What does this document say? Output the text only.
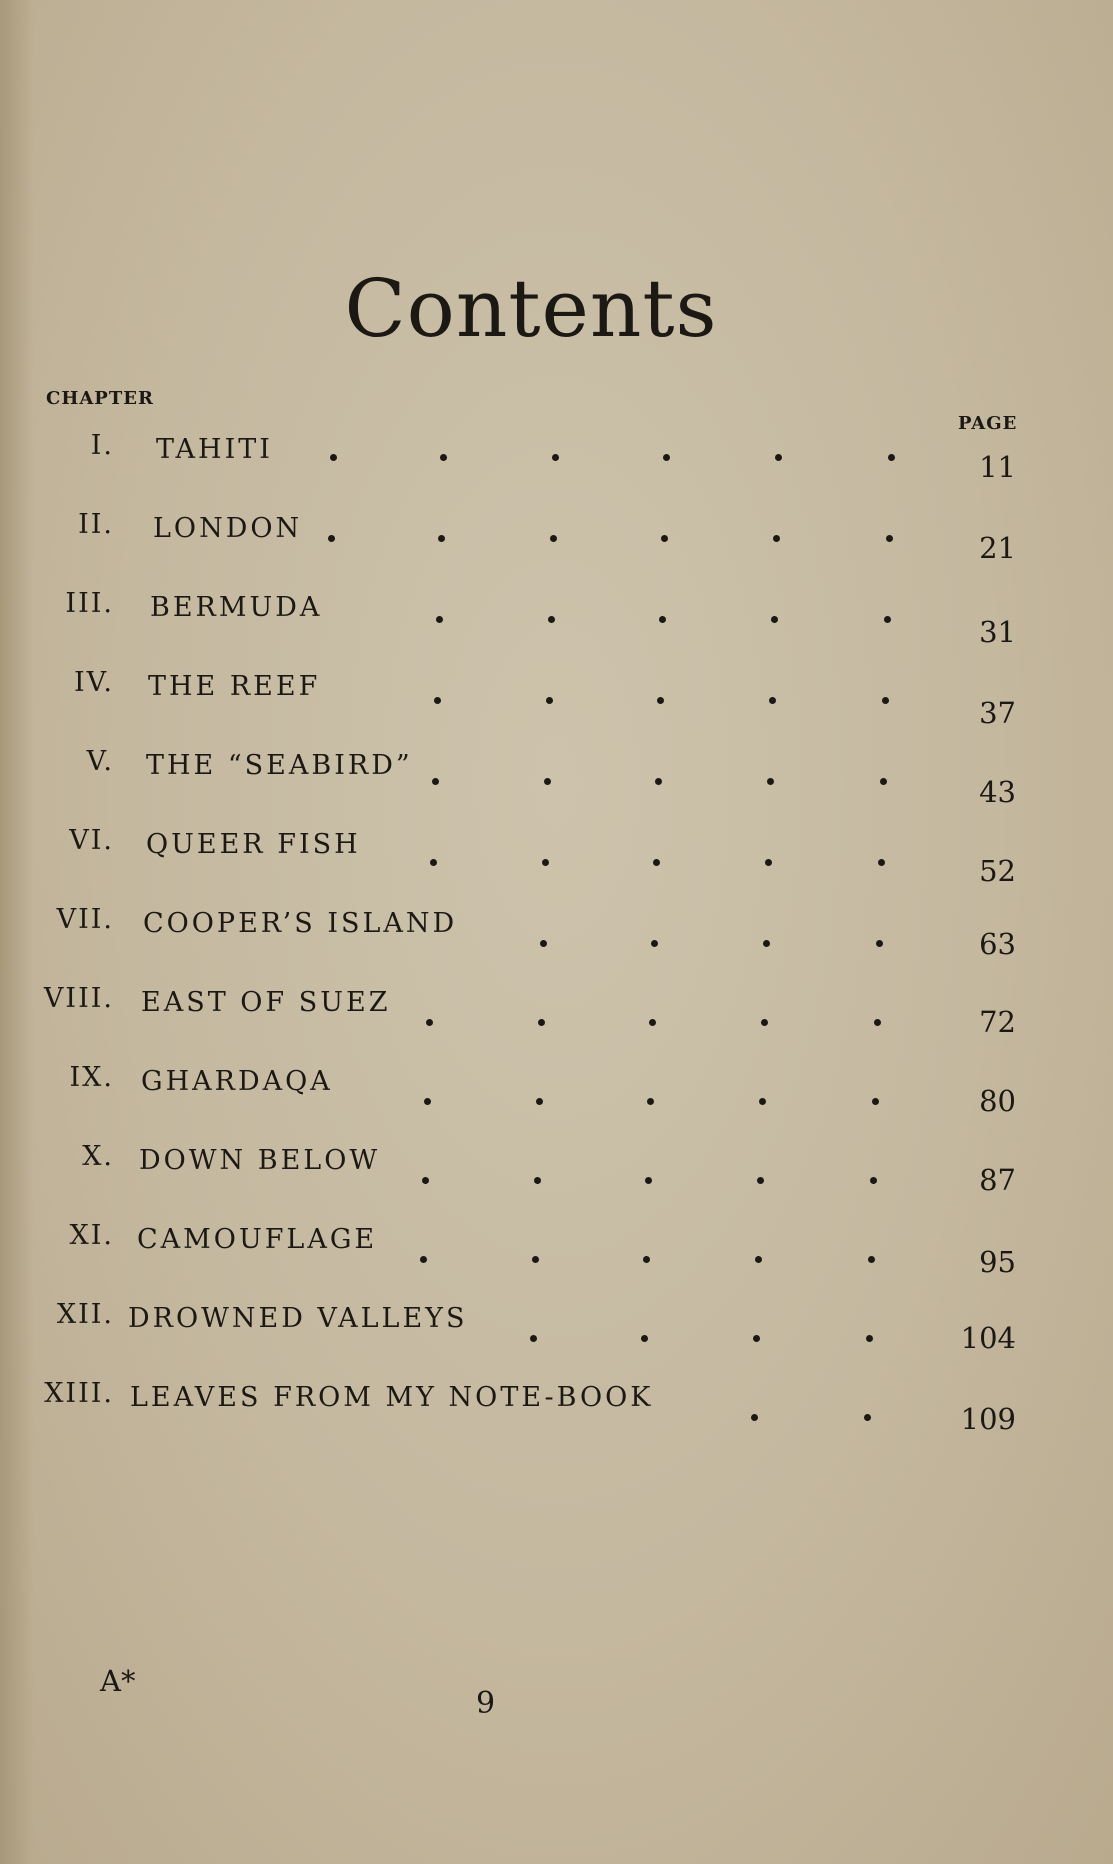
Contents
CHAPTER
PAGE
I. TAHITI
11
II. LONDON
21
III. BERMUDA
31
IV. THE REEF
37
V. THE “SEABIRD”
43
VI. QUEER FISH
52
VII. COOPER’S ISLAND
63
VIII. EAST OF SUEZ
72
IX. GHARDAQA
80
X. DOWN BELOW
87
XI. CAMOUFLAGE
95
XII. DROWNED VALLEYS
104
XIII. LEAVES FROM MY NOTE-BOOK
109
A*
9
